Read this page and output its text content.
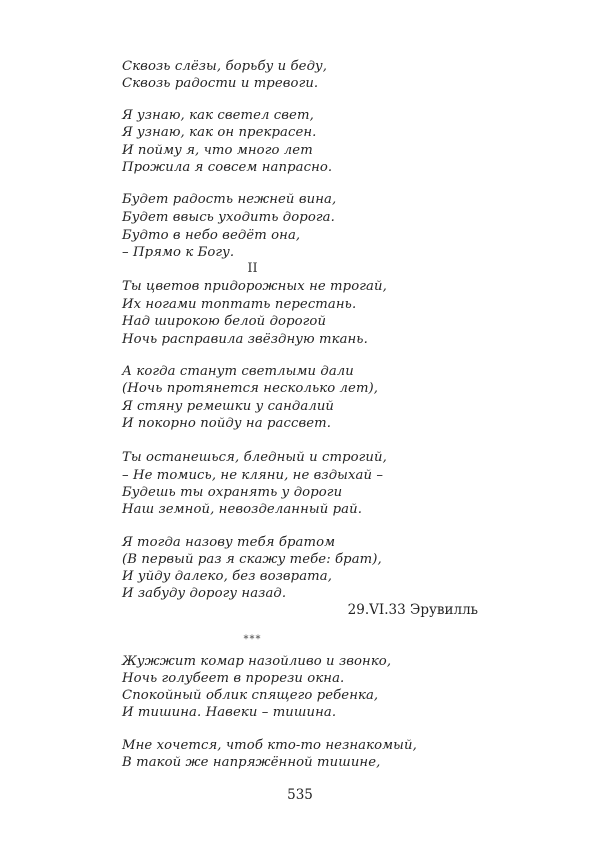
Сквозь слёзы, борьбу и беду,
Сквозь радости и тревоги.
Я узнаю, как светел свет,
Я узнаю, как он прекрасен.
И пойму я, что много лет
Прожила я совсем напрасно.
Будет радость нежней вина,
Будет ввысь уходить дорога.
Будто в небо ведёт она,
– Прямо к Богу.
II
Ты цветов придорожных не трогай,
Их ногами топтать перестань.
Над широкою белой дорогой
Ночь расправила звёздную ткань.
А когда станут светлыми дали
(Ночь протянется несколько лет),
Я стяну ремешки у сандалий
И покорно пойду на рассвет.
Ты останешься, бледный и строгий,
– Не томись, не кляни, не вздыхай –
Будешь ты охранять у дороги
Наш земной, невозделанный рай.
Я тогда назову тебя братом
(В первый раз я скажу тебе: брат),
И уйду далеко, без возврата,
И забуду дорогу назад.
29.VI.33 Эрувилль
***
Жужжит комар назойливо и звонко,
Ночь голубеет в прорези окна.
Спокойный облик спящего ребенка,
И тишина. Навеки – тишина.
Мне хочется, чтоб кто-то незнакомый,
В такой же напряжённой тишине,
535
